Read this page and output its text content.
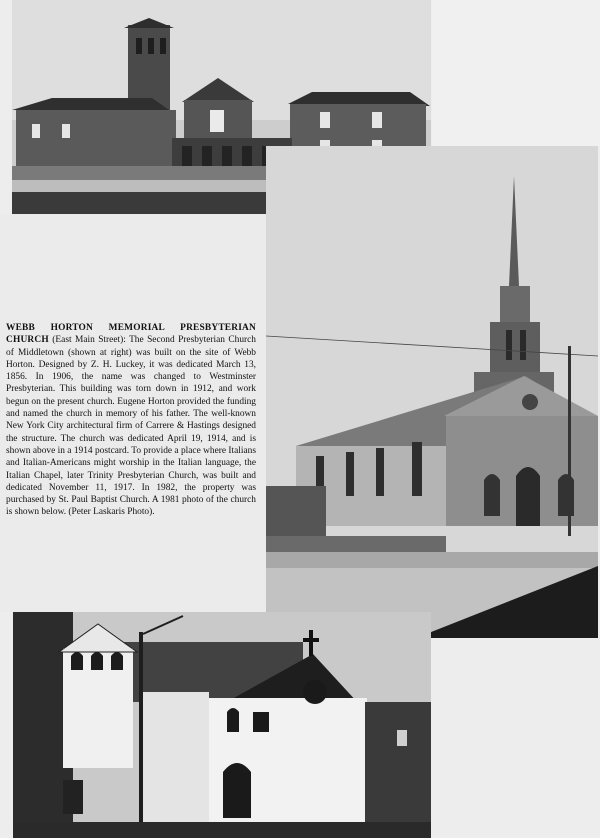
WEBB HORTON MEMORIAL PRESBYTERIAN CHURCH (East Main Street): The Second Presbyterian Church of Middletown (shown at right) was built on the site of Webb Horton. Designed by Z. H. Luckey, it was dedicated March 13, 1856. In 1906, the name was changed to Westminster Presbyterian. This building was torn down in 1912, and work begun on the present church. Eugene Horton provided the funding and named the church in memory of his father. The well-known New York City architectural firm of Carrere & Hastings designed the structure. The church was dedicated April 19, 1914, and is shown above in a 1914 postcard. To provide a place where Italians and Italian-Americans might worship in the Italian language, the Italian Chapel, later Trinity Presbyterian Church, was built and dedicated November 11, 1917. In 1982, the property was purchased by St. Paul Baptist Church. A 1981 photo of the church is shown below. (Peter Laskaris Photo).
